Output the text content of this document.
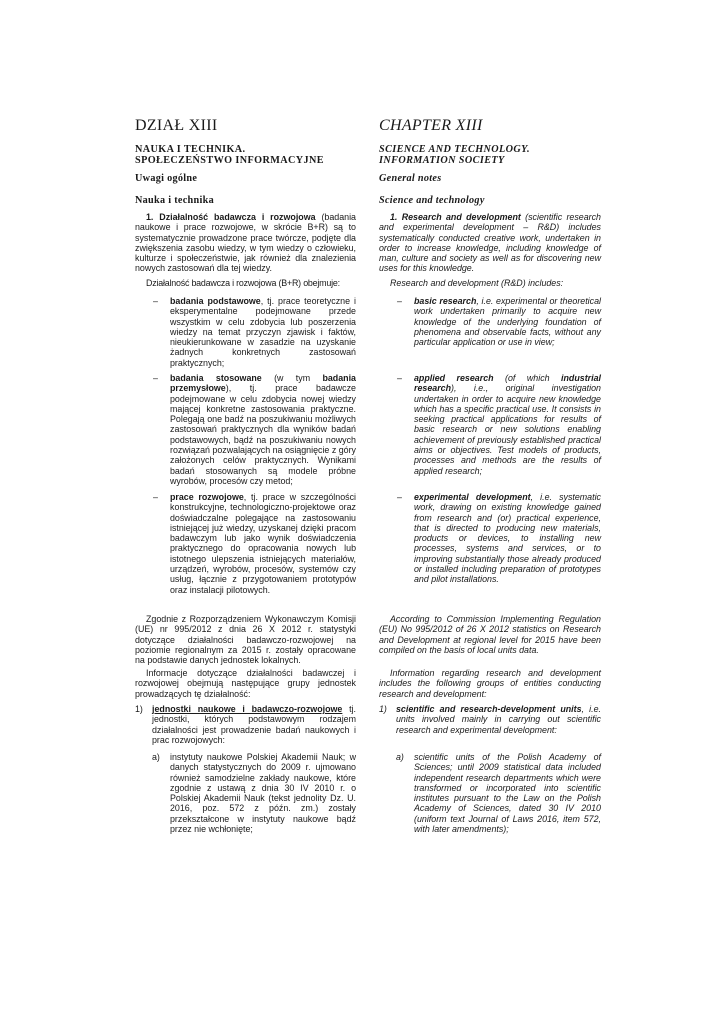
DZIAŁ XIII
NAUKA I TECHNIKA.
SPOŁECZEŃSTWO INFORMACYJNE
Uwagi ogólne
Nauka i technika

1. Działalność badawcza i rozwojowa (badania naukowe i prace rozwojowe, w skrócie B+R) są to systematycznie prowadzone prace twórcze, podjęte dla zwiększenia zasobu wiedzy, w tym wiedzy o człowieku, kulturze i społeczeństwie, jak również dla znalezienia nowych zastosowań dla tej wiedzy.

Działalność badawcza i rozwojowa (B+R) obejmuje:

– badania podstawowe, tj. prace teoretyczne i eksperymentalne podejmowane przede wszystkim w celu zdobycia lub poszerzenia wiedzy na temat przyczyn zjawisk i faktów, nieukierunkowane w zasadzie na uzyskanie żadnych konkretnych zastosowań praktycznych;
– badania stosowane (w tym badania przemysłowe), tj. prace badawcze podejmowane w celu zdobycia nowej wiedzy mającej konkretne zastosowania praktyczne. Polegają one badź na poszukiwaniu możliwych zastosowań praktycznych dla wyników badań podstawowych, bądź na poszukiwaniu nowych rozwiązań pozwalających na osiągnięcie z góry założonych celów praktycznych. Wynikami badań stosowanych są modele próbne wyrobów, procesów czy metod;
– prace rozwojowe, tj. prace w szczególności konstrukcyjne, technologiczno-projektowe oraz doświadczalne polegające na zastosowaniu istniejącej już wiedzy, uzyskanej dzięki pracom badawczym lub jako wynik doświadczenia praktycznego do opracowania nowych lub istotnego ulepszenia istniejących materiałów, urządzeń, wyrobów, procesów, systemów czy usług, łącznie z przygotowaniem prototypów oraz instalacji pilotowych.

Zgodnie z Rozporządzeniem Wykonawczym Komisji (UE) nr 995/2012 z dnia 26 X 2012 r. statystyki dotyczące działalności badawczo-rozwojowej na poziomie regionalnym za 2015 r. zostały opracowane na podstawie danych jednostek lokalnych.

Informacje dotyczące działalności badawczej i rozwojowej obejmują następujące grupy jednostek prowadzących tę działalność:

1) jednostki naukowe i badawczo-rozwojowe tj. jednostki, których podstawowym rodzajem działalności jest prowadzenie badań naukowych i prac rozwojowych:
a) instytuty naukowe Polskiej Akademii Nauk; w danych statystycznych do 2009 r. ujmowano również samodzielne zakłady naukowe, które zgodnie z ustawą z dnia 30 IV 2010 r. o Polskiej Akademii Nauk (tekst jednolity Dz. U. 2016, poz. 572 z późn. zm.) zostały przekształcone w instytuty naukowe bądź przez nie wchłonięte;
CHAPTER XIII
SCIENCE AND TECHNOLOGY.
INFORMATION SOCIETY
General notes
Science and technology

1. Research and development (scientific research and experimental development – R&D) includes systematically conducted creative work, undertaken in order to increase knowledge, including knowledge of man, culture and society as well as for discovering new uses for this knowledge.

Research and development (R&D) includes:

– basic research, i.e. experimental or theoretical work undertaken primarily to acquire new knowledge of the underlying foundation of phenomena and observable facts, without any particular application or use in view;
– applied research (of which industrial research), i.e., original investigation undertaken in order to acquire new knowledge which has a specific practical use. It consists in seeking practical applications for results of basic research or new solutions enabling achievement of previously established practical aims or objectives. Test models of products, processes and methods are the results of applied research;
– experimental development, i.e. systematic work, drawing on existing knowledge gained from research and (or) practical experience, that is directed to producing new materials, products or devices, to installing new processes, systems and services, or to improving substantially those already produced or installed including preparation of prototypes and pilot installations.

According to Commission Implementing Regulation (EU) No 995/2012 of 26 X 2012 statistics on Research and Development at regional level for 2015 have been compiled on the basis of local units data.

Information regarding research and development includes the following groups of entities conducting research and development:

1) scientific and research-development units, i.e. units involved mainly in carrying out scientific research and experimental development:
a) scientific units of the Polish Academy of Sciences; until 2009 statistical data included independent research departments which were transformed or incorporated into scientific institutes pursuant to the Law on the Polish Academy of Sciences, dated 30 IV 2010 (uniform text Journal of Laws 2016, item 572, with later amendments);
